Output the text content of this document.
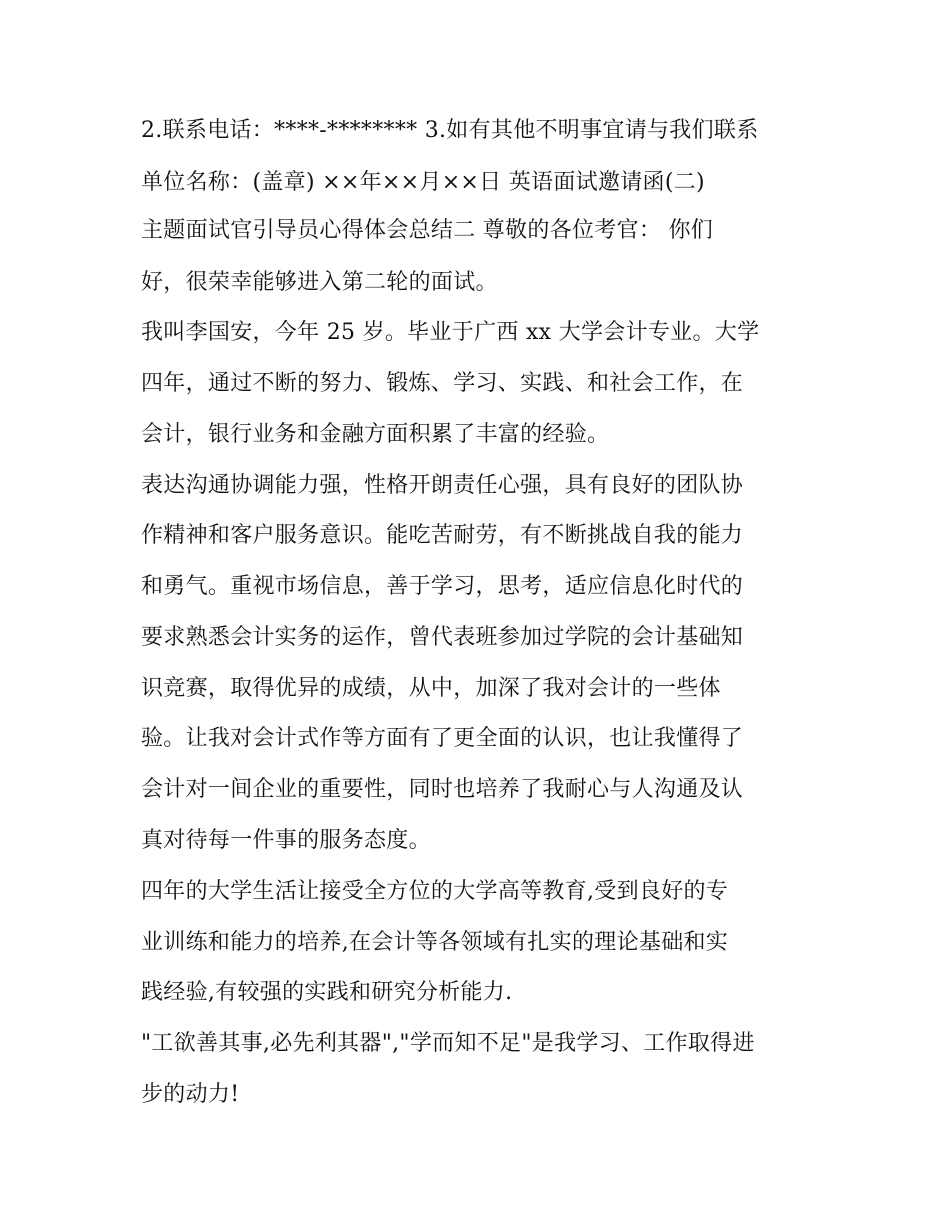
2.联系电话：****-******** 3.如有其他不明事宜请与我们联系
单位名称：(盖章) ××年××月××日 英语面试邀请函(二)
主题面试官引导员心得体会总结二 尊敬的各位考官： 你们
好，很荣幸能够进入第二轮的面试。
我叫李国安，今年 25 岁。毕业于广西 xx 大学会计专业。大学
四年，通过不断的努力、锻炼、学习、实践、和社会工作，在
会计，银行业务和金融方面积累了丰富的经验。
表达沟通协调能力强，性格开朗责任心强，具有良好的团队协
作精神和客户服务意识。能吃苦耐劳，有不断挑战自我的能力
和勇气。重视市场信息，善于学习，思考，适应信息化时代的
要求熟悉会计实务的运作，曾代表班参加过学院的会计基础知
识竞赛，取得优异的成绩，从中，加深了我对会计的一些体
验。让我对会计式作等方面有了更全面的认识，也让我懂得了
会计对一间企业的重要性，同时也培养了我耐心与人沟通及认
真对待每一件事的服务态度。
四年的大学生活让接受全方位的大学高等教育,受到良好的专
业训练和能力的培养,在会计等各领域有扎实的理论基础和实
践经验,有较强的实践和研究分析能力.
"工欲善其事,必先利其器","学而知不足"是我学习、工作取得进
步的动力!
